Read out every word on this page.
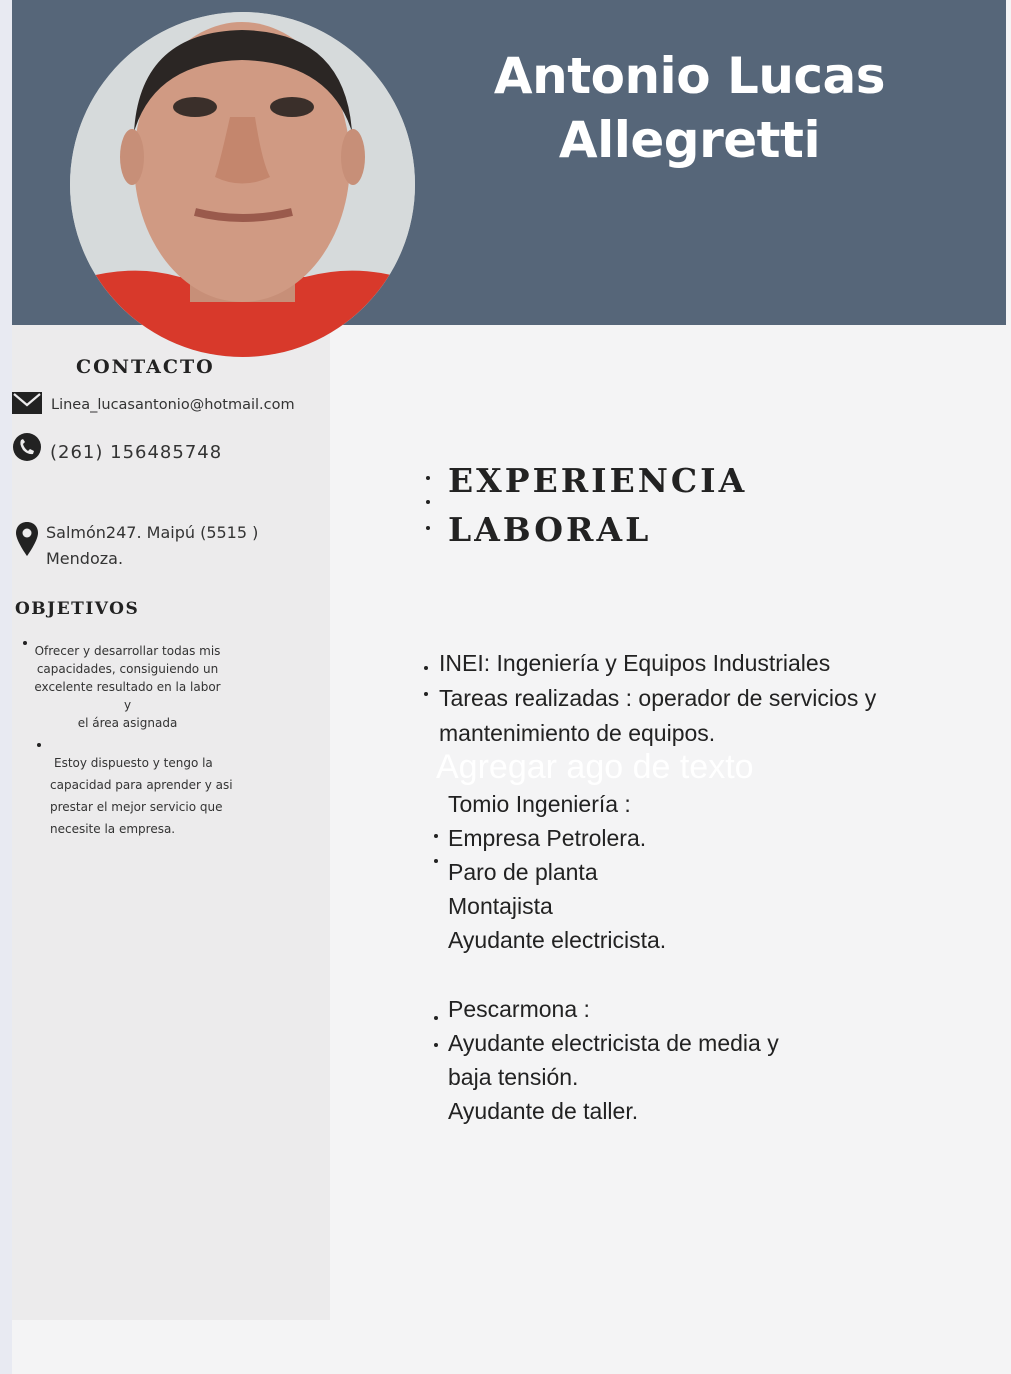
Antonio Lucas
Allegretti
CONTACTO
Linea_lucasantonio@hotmail.com
(261) 156485748
Salmón247. Maipú (5515 )
Mendoza.
OBJETIVOS
Ofrecer y desarrollar todas mis
capacidades, consiguiendo un
excelente resultado en la labor y
el área asignada
Estoy dispuesto y tengo la
capacidad para aprender y asi
prestar el mejor servicio que
necesite la empresa.
EXPERIENCIA
LABORAL
Agregar ago de texto
INEI: Ingeniería y Equipos Industriales
Tareas realizadas : operador de servicios y
mantenimiento de equipos.
Tomio Ingeniería :
Empresa Petrolera.
Paro de planta
Montajista
Ayudante electricista.
Pescarmona :
Ayudante electricista de media y
baja tensión.
Ayudante de taller.
